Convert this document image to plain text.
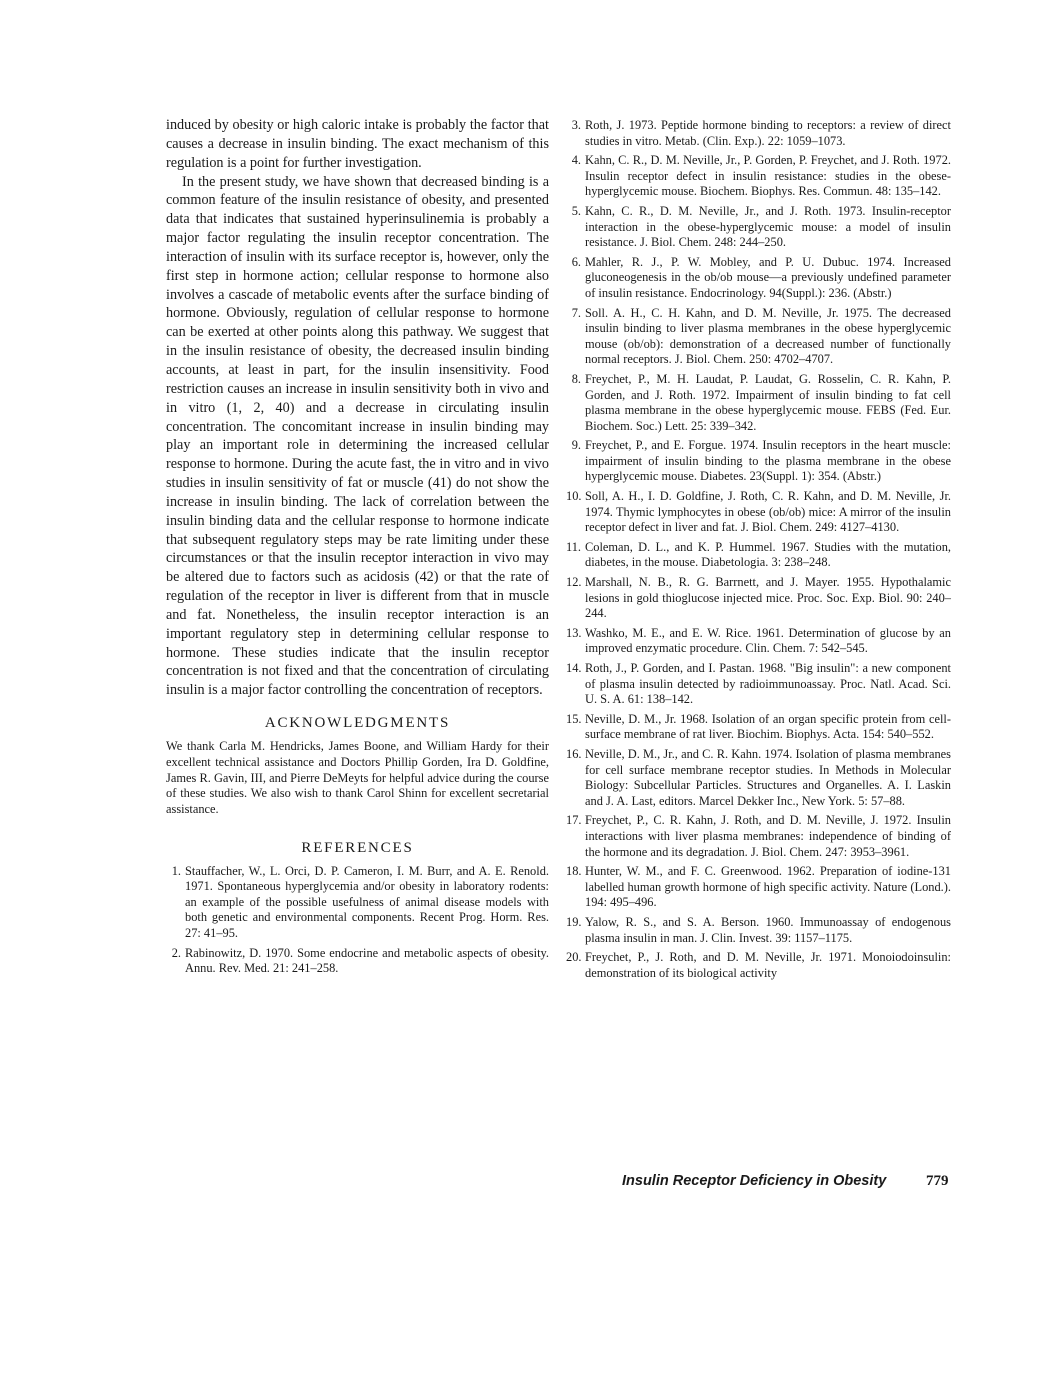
induced by obesity or high caloric intake is probably the factor that causes a decrease in insulin binding. The exact mechanism of this regulation is a point for further investigation.

In the present study, we have shown that decreased binding is a common feature of the insulin resistance of obesity, and presented data that indicates that sustained hyperinsulinemia is probably a major factor regulating the insulin receptor concentration. The interaction of insulin with its surface receptor is, however, only the first step in hormone action; cellular response to hormone also involves a cascade of metabolic events after the surface binding of hormone. Obviously, regulation of cellular response to hormone can be exerted at other points along this pathway. We suggest that in the insulin resistance of obesity, the decreased insulin binding accounts, at least in part, for the insulin insensitivity. Food restriction causes an increase in insulin sensitivity both in vivo and in vitro (1, 2, 40) and a decrease in circulating insulin concentration. The concomitant increase in insulin binding may play an important role in determining the increased cellular response to hormone. During the acute fast, the in vitro and in vivo studies in insulin sensitivity of fat or muscle (41) do not show the increase in insulin binding. The lack of correlation between the insulin binding data and the cellular response to hormone indicate that subsequent regulatory steps may be rate limiting under these circumstances or that the insulin receptor interaction in vivo may be altered due to factors such as acidosis (42) or that the rate of regulation of the receptor in liver is different from that in muscle and fat. Nonetheless, the insulin receptor interaction is an important regulatory step in determining cellular response to hormone. These studies indicate that the insulin receptor concentration is not fixed and that the concentration of circulating insulin is a major factor controlling the concentration of receptors.

ACKNOWLEDGMENTS

We thank Carla M. Hendricks, James Boone, and William Hardy for their excellent technical assistance and Doctors Phillip Gorden, Ira D. Goldfine, James R. Gavin, III, and Pierre DeMeyts for helpful advice during the course of these studies. We also wish to thank Carol Shinn for excellent secretarial assistance.

REFERENCES
1. Stauffacher, W., L. Orci, D. P. Cameron, I. M. Burr, and A. E. Renold. 1971. Spontaneous hyperglycemia and/or obesity in laboratory rodents: an example of the possible usefulness of animal disease models with both genetic and environmental components. Recent Prog. Horm. Res. 27: 41–95.
2. Rabinowitz, D. 1970. Some endocrine and metabolic aspects of obesity. Annu. Rev. Med. 21: 241–258.
3. Roth, J. 1973. Peptide hormone binding to receptors: a review of direct studies in vitro. Metab. (Clin. Exp.). 22: 1059–1073.
4. Kahn, C. R., D. M. Neville, Jr., P. Gorden, P. Freychet, and J. Roth. 1972. Insulin receptor defect in insulin resistance: studies in the obese-hyperglycemic mouse. Biochem. Biophys. Res. Commun. 48: 135–142.
5. Kahn, C. R., D. M. Neville, Jr., and J. Roth. 1973. Insulin-receptor interaction in the obese-hyperglycemic mouse: a model of insulin resistance. J. Biol. Chem. 248: 244–250.
6. Mahler, R. J., P. W. Mobley, and P. U. Dubuc. 1974. Increased gluconeogenesis in the ob/ob mouse—a previously undefined parameter of insulin resistance. Endocrinology. 94(Suppl.): 236. (Abstr.)
7. Soll. A. H., C. H. Kahn, and D. M. Neville, Jr. 1975. The decreased insulin binding to liver plasma membranes in the obese hyperglycemic mouse (ob/ob): demonstration of a decreased number of functionally normal receptors. J. Biol. Chem. 250: 4702–4707.
8. Freychet, P., M. H. Laudat, P. Laudat, G. Rosselin, C. R. Kahn, P. Gorden, and J. Roth. 1972. Impairment of insulin binding to fat cell plasma membrane in the obese hyperglycemic mouse. FEBS (Fed. Eur. Biochem. Soc.) Lett. 25: 339–342.
9. Freychet, P., and E. Forgue. 1974. Insulin receptors in the heart muscle: impairment of insulin binding to the plasma membrane in the obese hyperglycemic mouse. Diabetes. 23(Suppl. 1): 354. (Abstr.)
10. Soll, A. H., I. D. Goldfine, J. Roth, C. R. Kahn, and D. M. Neville, Jr. 1974. Thymic lymphocytes in obese (ob/ob) mice: A mirror of the insulin receptor defect in liver and fat. J. Biol. Chem. 249: 4127–4130.
11. Coleman, D. L., and K. P. Hummel. 1967. Studies with the mutation, diabetes, in the mouse. Diabetologia. 3: 238–248.
12. Marshall, N. B., R. G. Barrnett, and J. Mayer. 1955. Hypothalamic lesions in gold thioglucose injected mice. Proc. Soc. Exp. Biol. 90: 240–244.
13. Washko, M. E., and E. W. Rice. 1961. Determination of glucose by an improved enzymatic procedure. Clin. Chem. 7: 542–545.
14. Roth, J., P. Gorden, and I. Pastan. 1968. "Big insulin": a new component of plasma insulin detected by radioimmunoassay. Proc. Natl. Acad. Sci. U. S. A. 61: 138–142.
15. Neville, D. M., Jr. 1968. Isolation of an organ specific protein from cell-surface membrane of rat liver. Biochim. Biophys. Acta. 154: 540–552.
16. Neville, D. M., Jr., and C. R. Kahn. 1974. Isolation of plasma membranes for cell surface membrane receptor studies. In Methods in Molecular Biology: Subcellular Particles. Structures and Organelles. A. I. Laskin and J. A. Last, editors. Marcel Dekker Inc., New York. 5: 57–88.
17. Freychet, P., C. R. Kahn, J. Roth, and D. M. Neville, J. 1972. Insulin interactions with liver plasma membranes: independence of binding of the hormone and its degradation. J. Biol. Chem. 247: 3953–3961.
18. Hunter, W. M., and F. C. Greenwood. 1962. Preparation of iodine-131 labelled human growth hormone of high specific activity. Nature (Lond.). 194: 495–496.
19. Yalow, R. S., and S. A. Berson. 1960. Immunoassay of endogenous plasma insulin in man. J. Clin. Invest. 39: 1157–1175.
20. Freychet, P., J. Roth, and D. M. Neville, Jr. 1971. Monoiodoinsulin: demonstration of its biological activity
Insulin Receptor Deficiency in Obesity	779
